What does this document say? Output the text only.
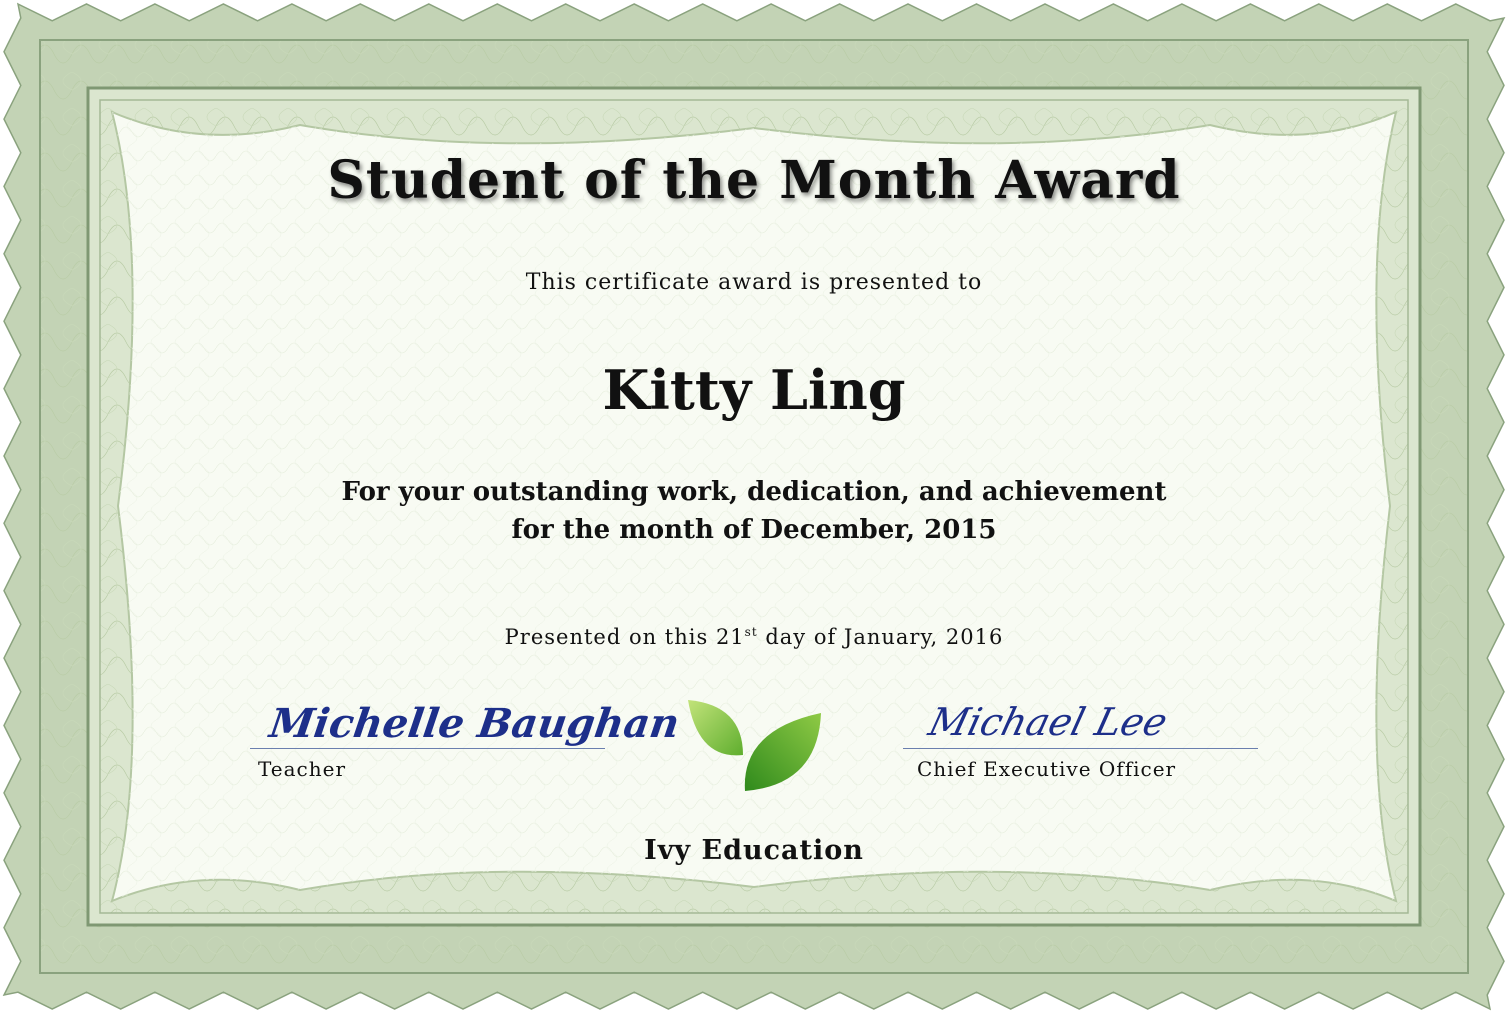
Student of the Month Award
This certificate award is presented to
Kitty Ling
For your outstanding work, dedication, and achievement
for the month of December, 2015
Presented on this 21st day of January, 2016
Michelle Baughan
Teacher
Michael Lee
Chief Executive Officer
Ivy Education
